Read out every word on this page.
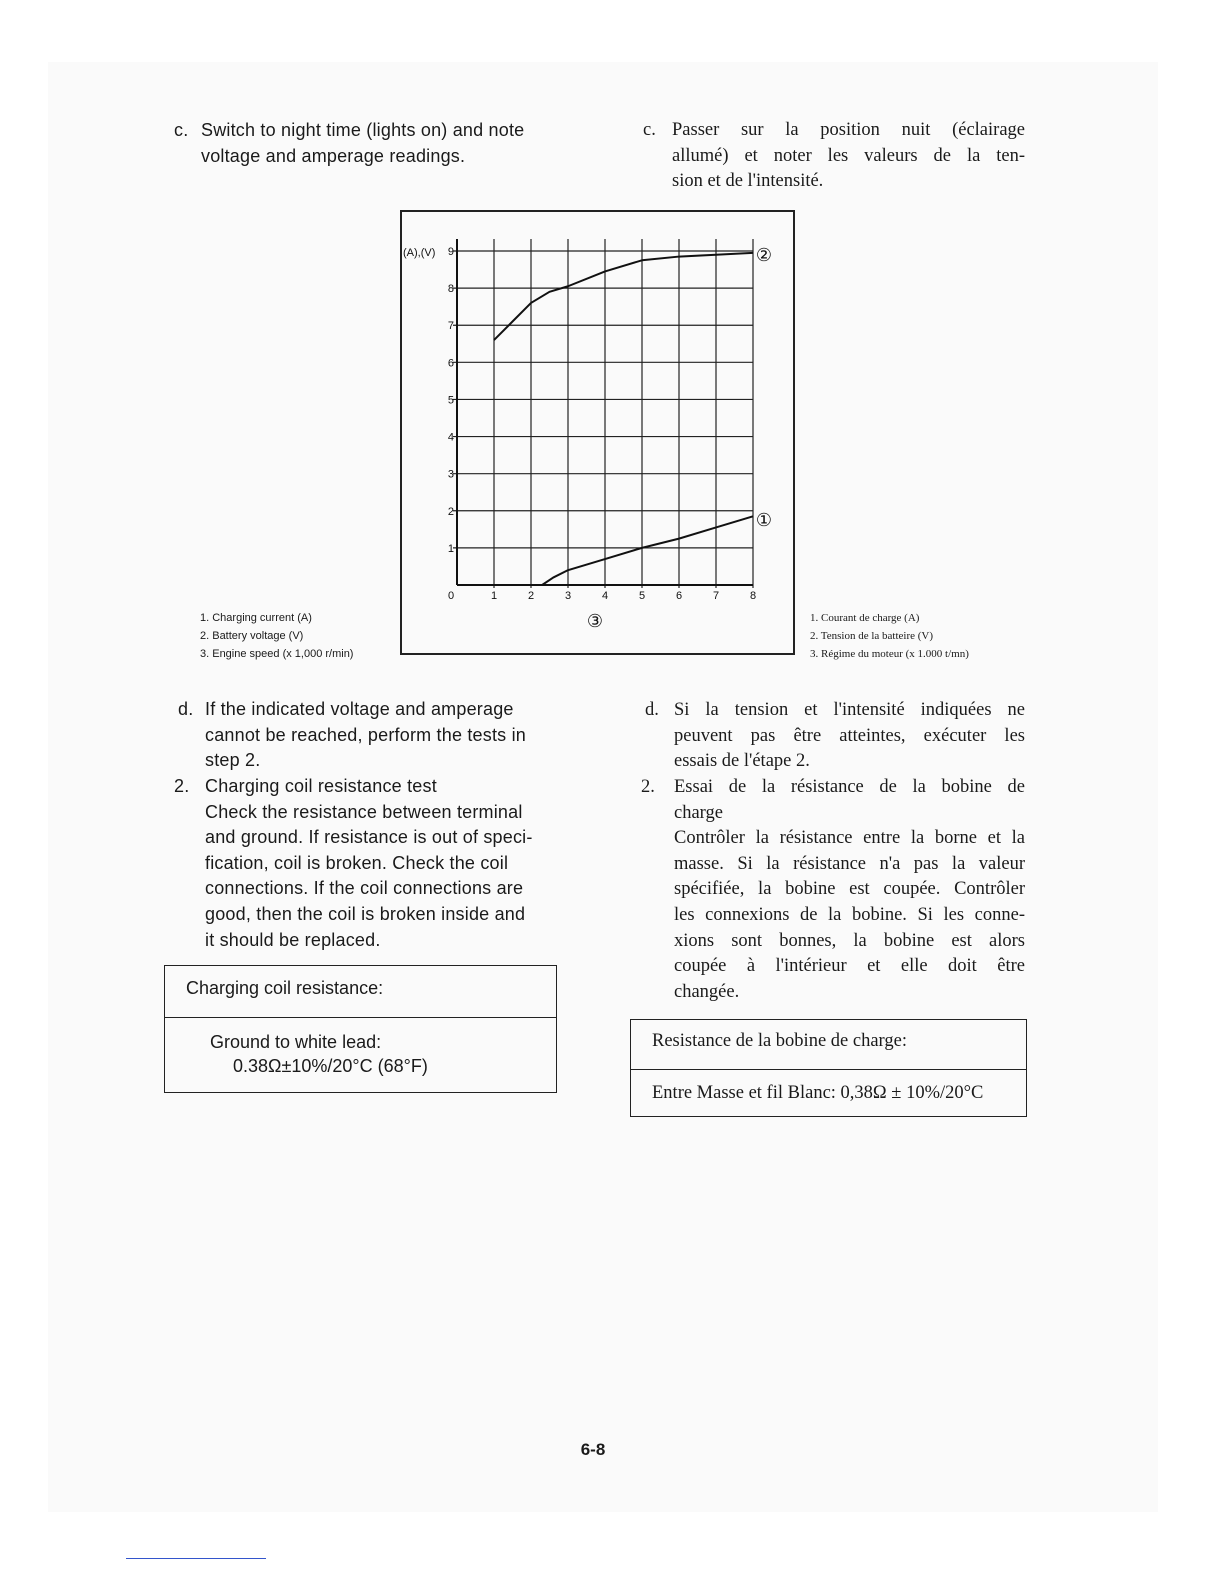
c. Switch to night time (lights on) and note
voltage and amperage readings.
c. Passer sur la position nuit (éclairage
allumé) et noter les valeurs de la ten-
sion et de l'intensité.
0	1	2	3	4	5	6	7	8
1
2
3
4
5
6
7
8
9
(A),(V)
③
②
①
1. Charging current (A)
2. Battery voltage (V)
3. Engine speed (x 1,000 r/min)
1. Courant de charge (A)
2. Tension de la batteire (V)
3. Régime du moteur (x 1.000 t/mn)
d. If the indicated voltage and amperage
cannot be reached, perform the tests in
step 2.
2. Charging coil resistance test
Check the resistance between terminal
and ground. If resistance is out of speci-
fication, coil is broken. Check the coil
connections. If the coil connections are
good, then the coil is broken inside and
it should be replaced.
Charging coil resistance:
Ground to white lead:
0.38Ω±10%/20°C (68°F)
d. Si la tension et l'intensité indiquées ne
peuvent pas être atteintes, exécuter les
essais de l'étape 2.
2. Essai de la résistance de la bobine de
charge
Contrôler la résistance entre la borne et la
masse. Si la résistance n'a pas la valeur
spécifiée, la bobine est coupée. Contrôler
les connexions de la bobine. Si les conne-
xions sont bonnes, la bobine est alors
coupée à l'intérieur et elle doit être
changée.
Resistance de la bobine de charge:
Entre Masse et fil Blanc: 0,38Ω ± 10%/20°C
6-8
